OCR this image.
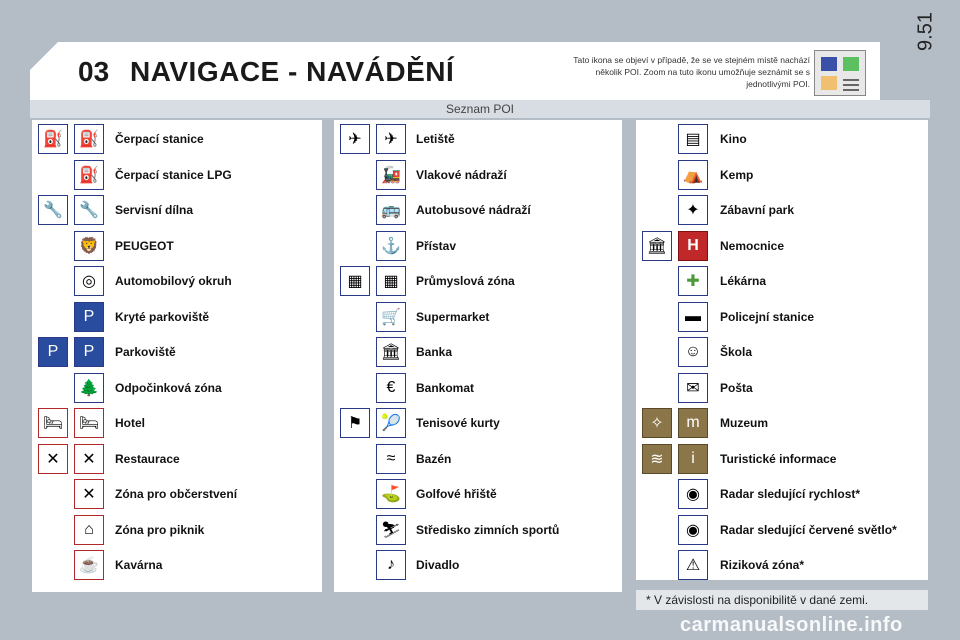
03 NAVIGACE - NAVÁDĚNÍ	Tato ikona se objeví v případě, že se ve stejném místě nachází několik POI. Zoom na tuto ikonu umožňuje seznámit se s jednotlivými POI.
9.51
Seznam POI
⛽	⛽	Čerpací stanice
⛽	Čerpací stanice LPG
🔧	🔧	Servisní dílna
🦁	PEUGEOT
◎	Automobilový okruh
P	Kryté parkoviště
P	P	Parkoviště
🌲	Odpočinková zóna
🛏 🛏	Hotel
✕	✕	Restaurace
✕	Zóna pro občerstvení
⌂	Zóna pro piknik
☕	Kavárna
✈	✈	Letiště
🚂	Vlakové nádraží
🚌	Autobusové nádraží
⚓	Přístav
▦	▦	Průmyslová zóna
🛒	Supermarket
🏛	Banka
€	Bankomat
⚑	🎾	Tenisové kurty
≈	Bazén
⛳	Golfové hřiště
⛷	Středisko zimních sportů
♪	Divadlo
▤	Kino
⛺	Kemp
✦	Zábavní park
🏛	H	Nemocnice
✚	Lékárna
▬	Policejní stanice
☺	Škola
✉	Pošta
✧	m	Muzeum
≋	i	Turistické informace
◉	Radar sledující rychlost*
◉	Radar sledující červené světlo*
⚠	Riziková zóna*
* V závislosti na disponibilitě v dané zemi.
carmanualsonline.info
